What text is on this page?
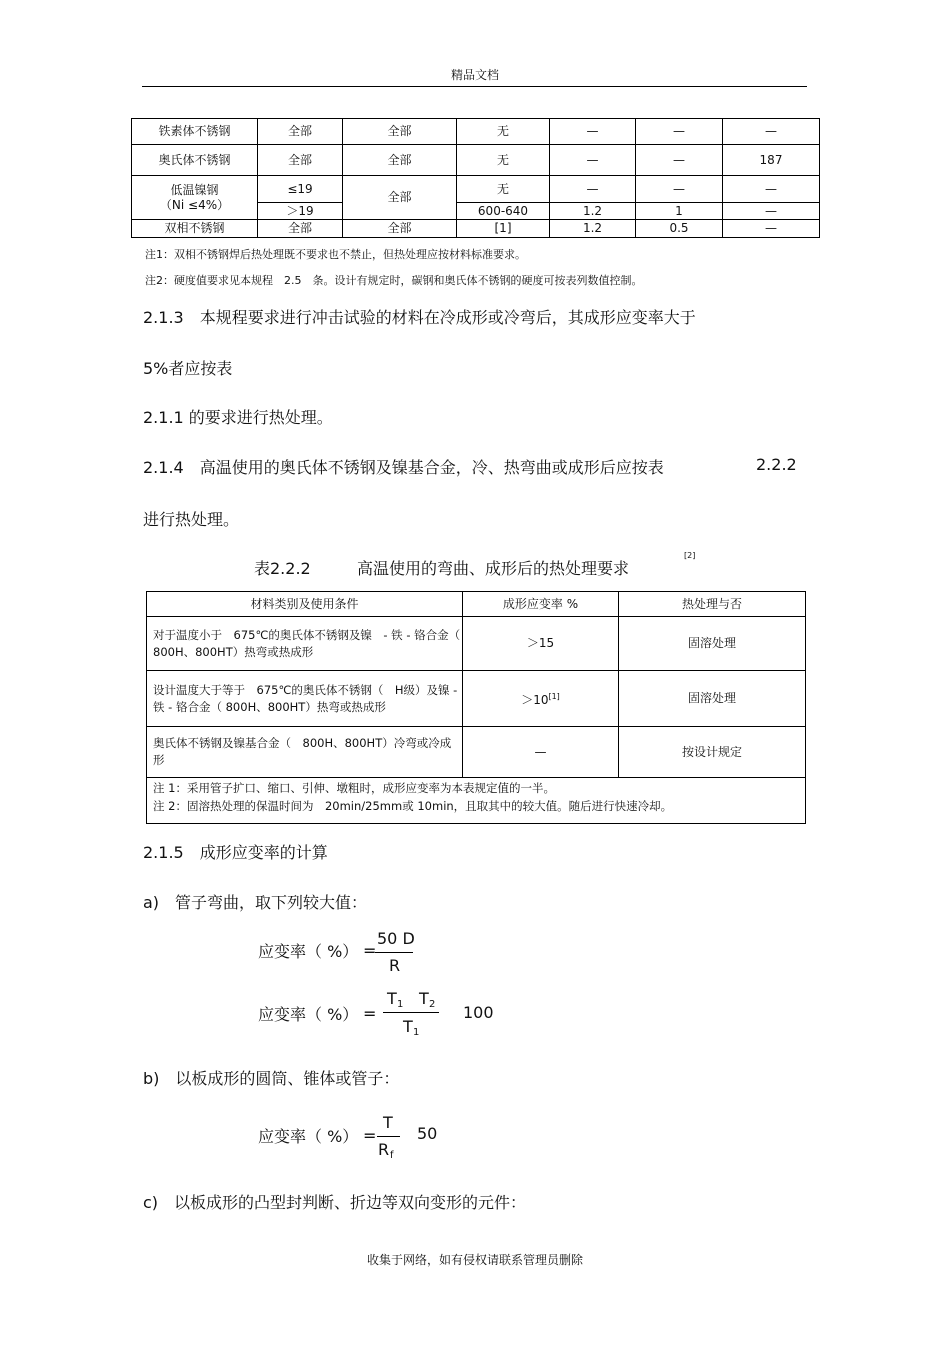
精品文档
铁素体不锈钢	全部	全部	无	—	—	—
奥氏体不锈钢	全部	全部	无	—	—	187

低温镍钢
（Ni ≤4%）	≤19	全部	无	—	—	—
	＞19		600-640	1.2	1	—
双相不锈钢	全部	全部	[1]	1.2	0.5	—
注1：双相不锈钢焊后热处理既不要求也不禁止，但热处理应按材料标准要求。
注2：硬度值要求见本规程　2.5　条。设计有规定时，碳钢和奥氏体不锈钢的硬度可按表列数值控制。
2.1.3　本规程要求进行冲击试验的材料在冷成形或冷弯后，其成形应变率大于
5%者应按表
2.1.1 的要求进行热处理。
2.1.4　高温使用的奥氏体不锈钢及镍基合金，冷、热弯曲或成形后应按表	2.2.2
进行热处理。
表2.2.2	高温使用的弯曲、成形后的热处理要求
[2]
材料类别及使用条件	成形应变率 %	热处理与否
对于温度小于　675℃的奥氏体不锈钢及镍　- 铁 - 铬合金（ 800H、800HT）热弯或热成形	＞15	固溶处理
设计温度大于等于　675℃的奥氏体不锈钢（　H级）及镍 - 铁 - 铬合金（ 800H、800HT）热弯或热成形	＞10[1]	固溶处理
奥氏体不锈钢及镍基合金（　800H、800HT）冷弯或冷成形	—	按设计规定

注 1：采用管子扩口、缩口、引伸、墩粗时，成形应变率为本表规定值的一半。
注 2：固溶热处理的保温时间为　20min/25mm或 10min，且取其中的较大值。随后进行快速冷却。		
2.1.5　成形应变率的计算
a)　管子弯曲，取下列较大值：
应变率（ %） =
50 D
R
应变率（ %） =
T 1 T 2
T 1
100
b)　以板成形的圆筒、锥体或管子：
应变率（ %） =
T
R f
50
c)　以板成形的凸型封判断、折边等双向变形的元件：
收集于网络，如有侵权请联系管理员删除
